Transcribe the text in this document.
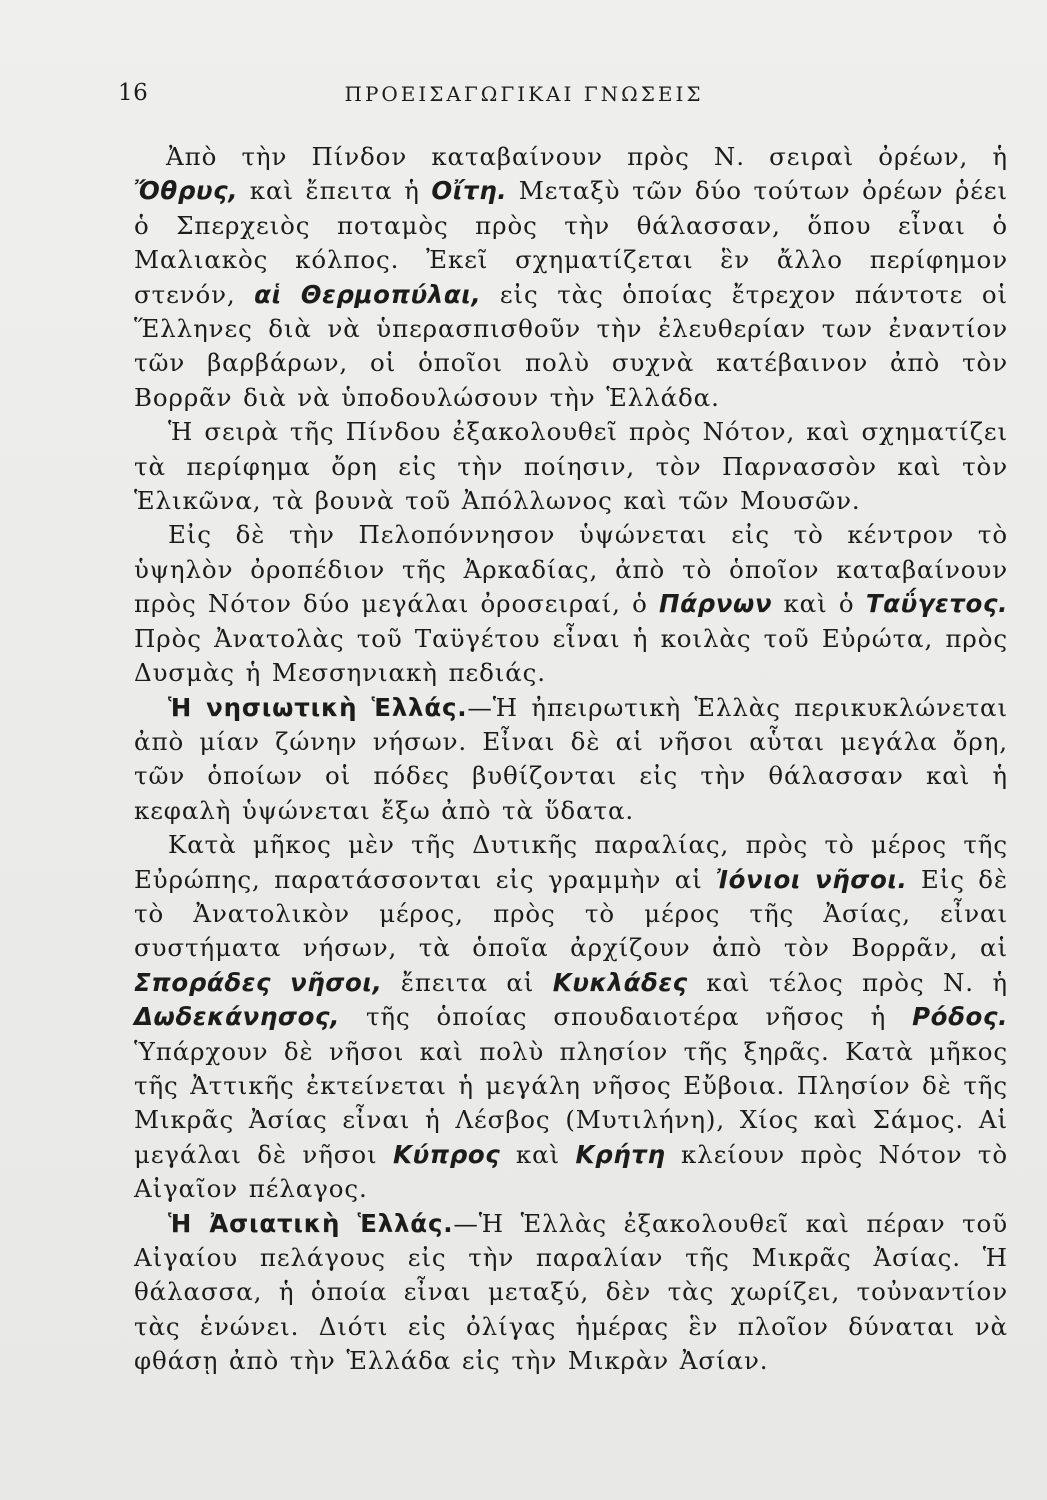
16	ΠΡΟΕΙΣΑΓΩΓΙΚΑΙ ΓΝΩΣΕΙΣ

Ἀπὸ τὴν Πίνδον καταβαίνουν πρὸς Ν. σειραὶ ὀρέων, ἡ Ὄθρυς, καὶ ἔπειτα ἡ Οἴτη. Μεταξὺ τῶν δύο τούτων ὀρέων ῥέει ὁ Σπερχειὸς ποταμὸς πρὸς τὴν θάλασσαν, ὅπου εἶναι ὁ Μαλιακὸς κόλπος. Ἐκεῖ σχηματίζεται ἓν ἄλλο περίφημον στενόν, αἱ Θερμοπύλαι, εἰς τὰς ὁποίας ἔτρεχον πάντοτε οἱ Ἕλληνες διὰ νὰ ὑπερασπισθοῦν τὴν ἐλευθερίαν των ἐναντίον τῶν βαρβάρων, οἱ ὁποῖοι πολὺ συχνὰ κατέβαινον ἀπὸ τὸν Βορρᾶν διὰ νὰ ὑποδουλώσουν τὴν Ἑλλάδα.

Ἡ σειρὰ τῆς Πίνδου ἐξακολουθεῖ πρὸς Νότον, καὶ σχηματίζει τὰ περίφημα ὄρη εἰς τὴν ποίησιν, τὸν Παρνασσὸν καὶ τὸν Ἑλικῶνα, τὰ βουνὰ τοῦ Ἀπόλλωνος καὶ τῶν Μουσῶν.

Εἰς δὲ τὴν Πελοπόννησον ὑψώνεται εἰς τὸ κέντρον τὸ ὑψηλὸν ὀροπέδιον τῆς Ἀρκαδίας, ἀπὸ τὸ ὁποῖον καταβαίνουν πρὸς Νότον δύο μεγάλαι ὀροσειραί, ὁ Πάρνων καὶ ὁ Ταΰγετος. Πρὸς Ἀνατολὰς τοῦ Ταϋγέτου εἶναι ἡ κοιλὰς τοῦ Εὐρώτα, πρὸς Δυσμὰς ἡ Μεσσηνιακὴ πεδιάς.

Ἡ νησιωτικὴ Ἑλλάς.—Ἡ ἠπειρωτικὴ Ἑλλὰς περικυκλώνεται ἀπὸ μίαν ζώνην νήσων. Εἶναι δὲ αἱ νῆσοι αὗται μεγάλα ὄρη, τῶν ὁποίων οἱ πόδες βυθίζονται εἰς τὴν θάλασσαν καὶ ἡ κεφαλὴ ὑψώνεται ἔξω ἀπὸ τὰ ὕδατα.

Κατὰ μῆκος μὲν τῆς Δυτικῆς παραλίας, πρὸς τὸ μέρος τῆς Εὐρώπης, παρατάσσονται εἰς γραμμὴν αἱ Ἰόνιοι νῆσοι. Εἰς δὲ τὸ Ἀνατολικὸν μέρος, πρὸς τὸ μέρος τῆς Ἀσίας, εἶναι συστήματα νήσων, τὰ ὁποῖα ἀρχίζουν ἀπὸ τὸν Βορρᾶν, αἱ Σποράδες νῆσοι, ἔπειτα αἱ Κυκλάδες καὶ τέλος πρὸς Ν. ἡ Δωδεκάνησος, τῆς ὁποίας σπουδαιοτέρα νῆσος ἡ Ρόδος. Ὑπάρχουν δὲ νῆσοι καὶ πολὺ πλησίον τῆς ξηρᾶς. Κατὰ μῆκος τῆς Ἀττικῆς ἐκτείνεται ἡ μεγάλη νῆσος Εὔβοια. Πλησίον δὲ τῆς Μικρᾶς Ἀσίας εἶναι ἡ Λέσβος (Μυτιλήνη), Χίος καὶ Σάμος. Αἱ μεγάλαι δὲ νῆσοι Κύπρος καὶ Κρήτη κλείουν πρὸς Νότον τὸ Αἰγαῖον πέλαγος.

Ἡ Ἀσιατικὴ Ἑλλάς.—Ἡ Ἑλλὰς ἐξακολουθεῖ καὶ πέραν τοῦ Αἰγαίου πελάγους εἰς τὴν παραλίαν τῆς Μικρᾶς Ἀσίας. Ἡ θάλασσα, ἡ ὁποία εἶναι μεταξύ, δὲν τὰς χωρίζει, τοὐναντίον τὰς ἑνώνει. Διότι εἰς ὀλίγας ἡμέρας ἓν πλοῖον δύναται νὰ φθάσῃ ἀπὸ τὴν Ἑλλάδα εἰς τὴν Μικρὰν Ἀσίαν.
